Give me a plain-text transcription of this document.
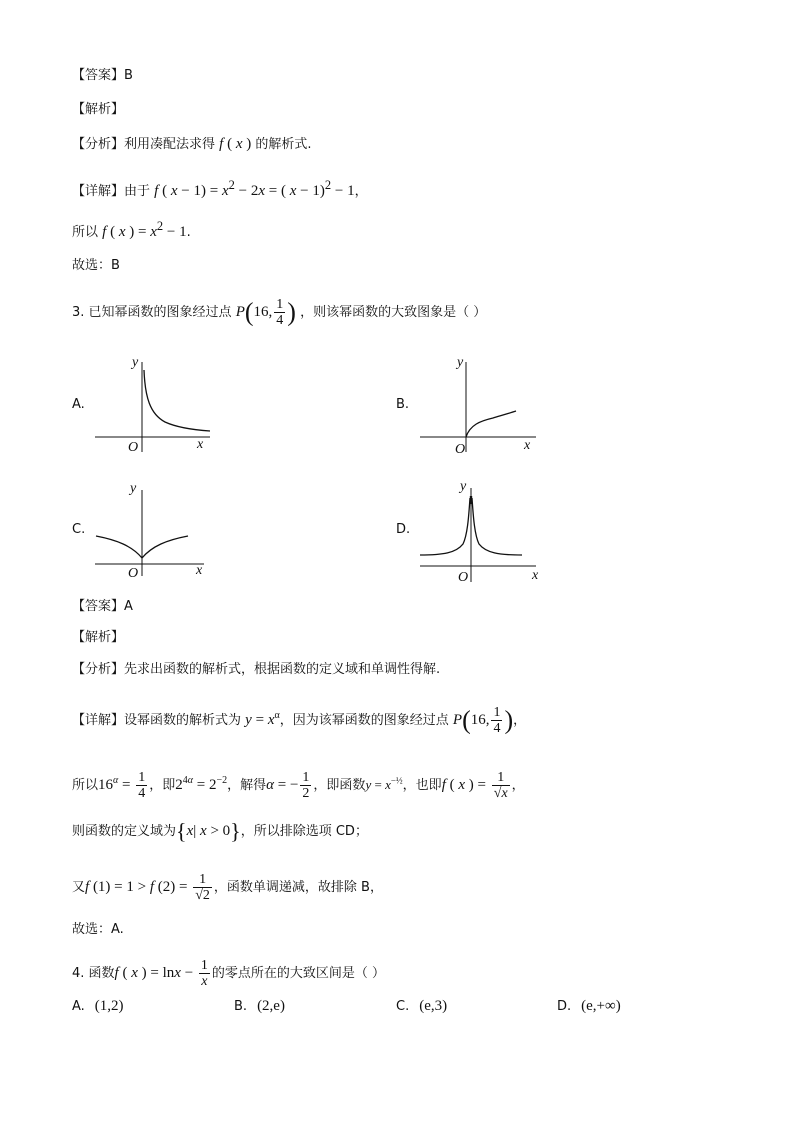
【答案】B
【解析】
【分析】利用凑配法求得 f ( x ) 的解析式.
【详解】由于 f ( $x - 1) = x^2 - 2x$ = ( x − 1)$^2$ − 1，
所以 f ( x ) = $x^2 - 1$.
故选：B
3. 已知幂函数的图象经过点 P(16, $\frac{1}{4}$ ) ，则该幂函数的大致图象是（ ）
A.	B.
C.	D.
y
x
O
y
x
O
y
x
O
y
x
O
【答案】A
【解析】
【分析】先求出函数的解析式，根据函数的定义域和单调性得解.
【详解】设幂函数的解析式为 $y = x^\alpha$，因为该幂函数的图象经过点 P(16, $\frac{1}{4}$ )，
所以$16^\alpha = \frac{1}{4}$ ，即$2^{4\alpha} = 2^{-2}$，解得α = − $\frac{1}{2}$ ，即函数$y = x^{-\frac{1}{2}}$，也即f ( x ) = $\frac{1}{√x}$ ，
则函数的定义域为{x| x > 0}，所以排除选项 CD；
又f (1) = 1 > f $(2) = \frac{1}{√2}$ ，函数单调递减，故排除 B，
故选：A.
4. 函数f ( x ) = $\ln x - \frac{1}{x}$ 的零点所在的大致区间是（ ）
A. (1,2)	B. (2,e)	C. (e,3)	D. (e,+∞)
